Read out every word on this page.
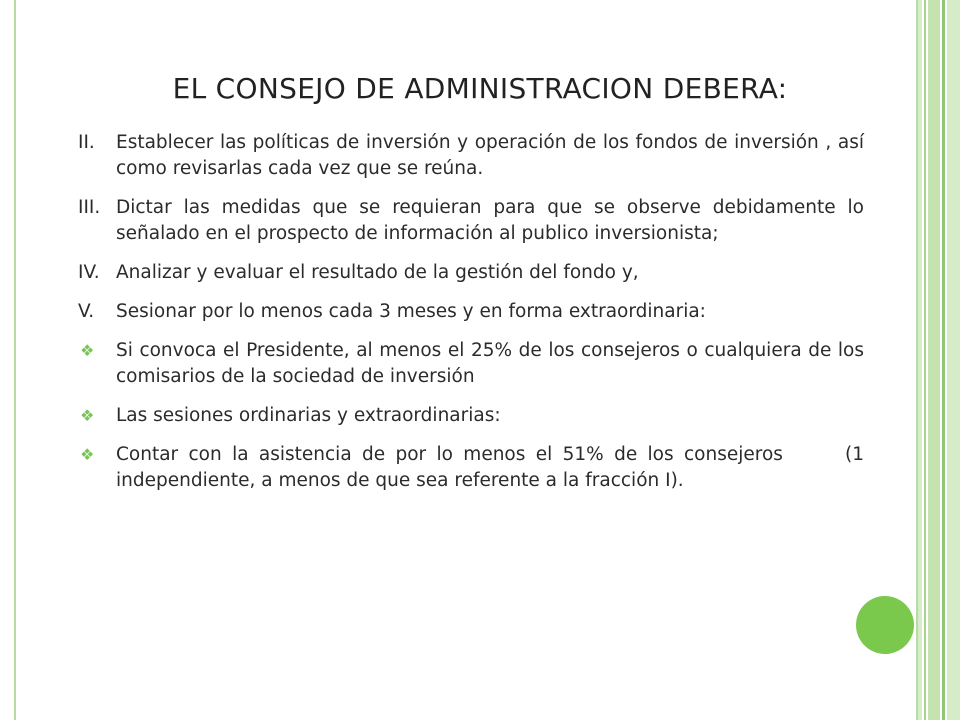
EL CONSEJO DE ADMINISTRACION DEBERA:
II. Establecer las políticas de inversión y operación de los fondos de inversión , así como revisarlas cada vez que se reúna.
III. Dictar las medidas que se requieran para que se observe debidamente lo señalado en el prospecto de información al publico inversionista;
IV. Analizar y evaluar el resultado de la gestión del fondo y,
V. Sesionar por lo menos cada 3 meses y en forma extraordinaria:
❖ Si convoca el Presidente, al menos el 25% de los consejeros o cualquiera de los comisarios de la sociedad de inversión
❖ Las sesiones ordinarias y extraordinarias:
❖ Contar con la asistencia de por lo menos el 51% de los consejeros      (1 independiente, a menos de que sea referente a la fracción I).
